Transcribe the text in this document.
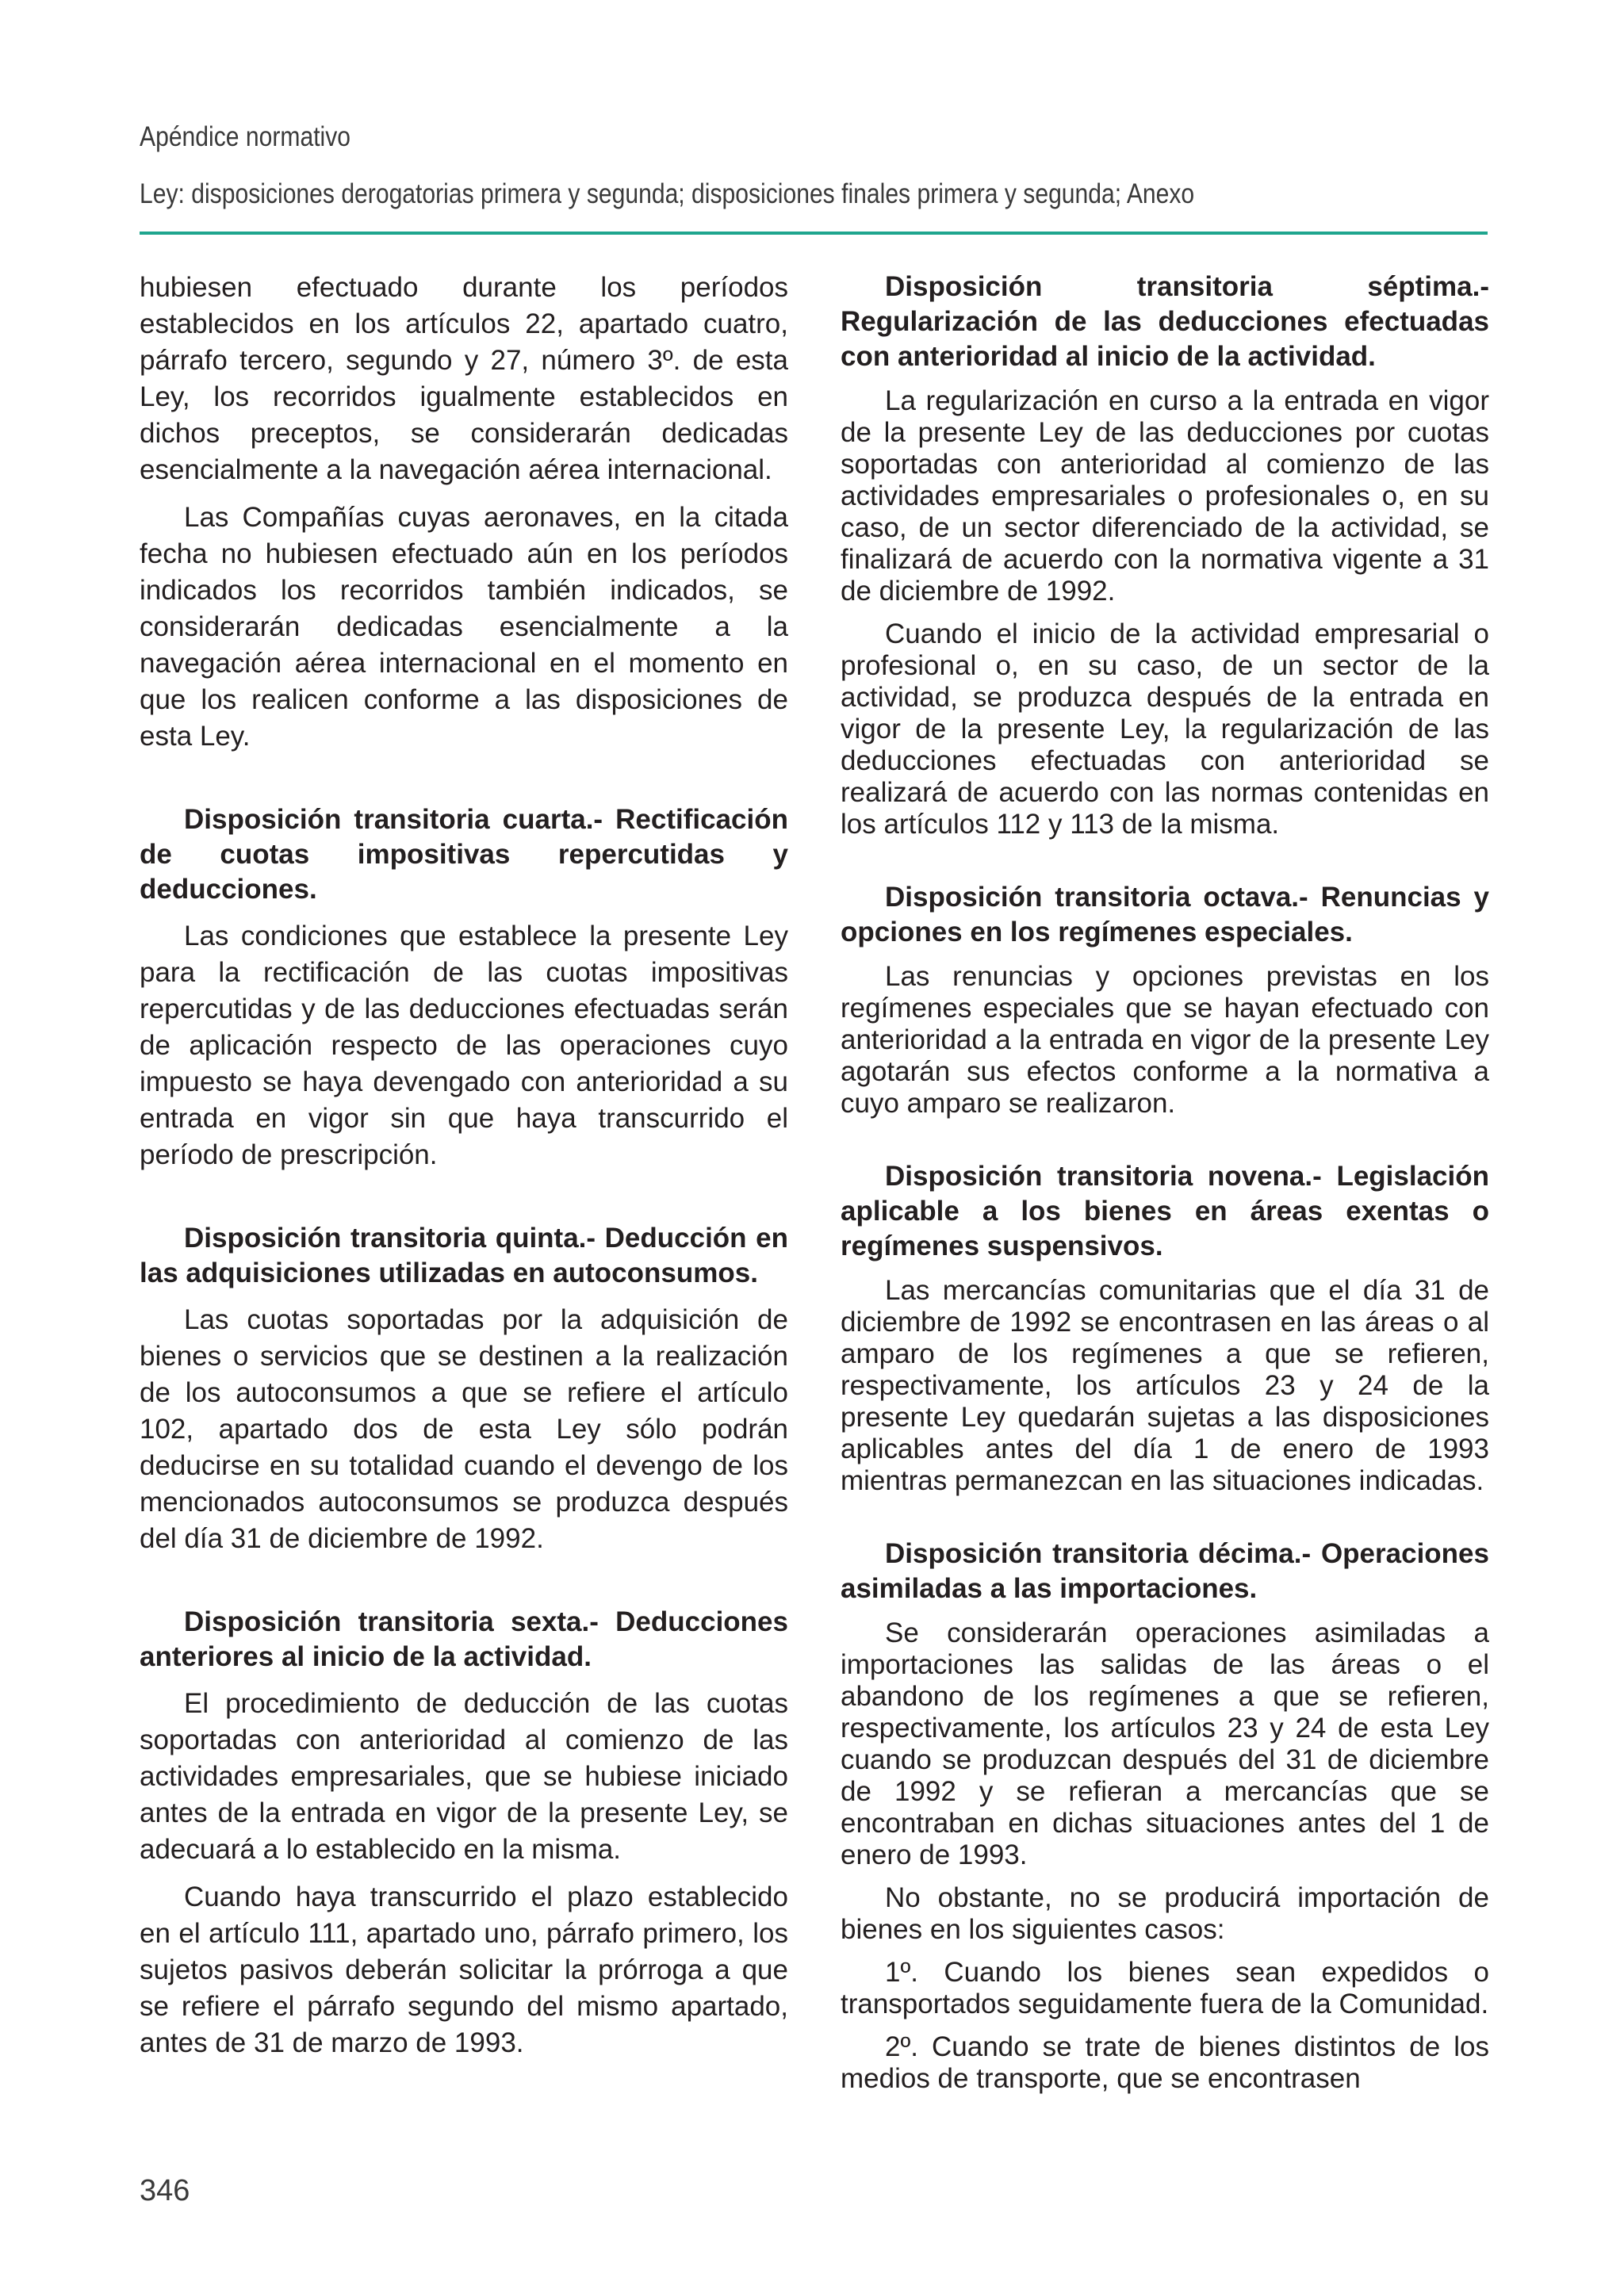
Apéndice normativo
Ley: disposiciones derogatorias primera y segunda; disposiciones finales primera y segunda; Anexo

hubiesen efectuado durante los períodos establecidos en los artículos 22, apartado cuatro, párrafo tercero, segundo y 27, número 3º. de esta Ley, los recorridos igualmente establecidos en dichos preceptos, se considerarán dedicadas esencialmente a la navegación aérea internacional.

Las Compañías cuyas aeronaves, en la citada fecha no hubiesen efectuado aún en los períodos indicados los recorridos también indicados, se considerarán dedicadas esencialmente a la navegación aérea internacional en el momento en que los realicen conforme a las disposiciones de esta Ley.

Disposición transitoria cuarta.- Rectificación de cuotas impositivas repercutidas y deducciones.

Las condiciones que establece la presente Ley para la rectificación de las cuotas impositivas repercutidas y de las deducciones efectuadas serán de aplicación respecto de las operaciones cuyo impuesto se haya devengado con anterioridad a su entrada en vigor sin que haya transcurrido el período de prescripción.

Disposición transitoria quinta.- Deducción en las adquisiciones utilizadas en autoconsumos.

Las cuotas soportadas por la adquisición de bienes o servicios que se destinen a la realización de los autoconsumos a que se refiere el artículo 102, apartado dos de esta Ley sólo podrán deducirse en su totalidad cuando el devengo de los mencionados autoconsumos se produzca después del día 31 de diciembre de 1992.

Disposición transitoria sexta.- Deducciones anteriores al inicio de la actividad.

El procedimiento de deducción de las cuotas soportadas con anterioridad al comienzo de las actividades empresariales, que se hubiese iniciado antes de la entrada en vigor de la presente Ley, se adecuará a lo establecido en la misma.

Cuando haya transcurrido el plazo establecido en el artículo 111, apartado uno, párrafo primero, los sujetos pasivos deberán solicitar la prórroga a que se refiere el párrafo segundo del mismo apartado, antes de 31 de marzo de 1993.

Disposición transitoria séptima.- Regularización de las deducciones efectuadas con anterioridad al inicio de la actividad.

La regularización en curso a la entrada en vigor de la presente Ley de las deducciones por cuotas soportadas con anterioridad al comienzo de las actividades empresariales o profesionales o, en su caso, de un sector diferenciado de la actividad, se finalizará de acuerdo con la normativa vigente a 31 de diciembre de 1992.

Cuando el inicio de la actividad empresarial o profesional o, en su caso, de un sector de la actividad, se produzca después de la entrada en vigor de la presente Ley, la regularización de las deducciones efectuadas con anterioridad se realizará de acuerdo con las normas contenidas en los artículos 112 y 113 de la misma.

Disposición transitoria octava.- Renuncias y opciones en los regímenes especiales.

Las renuncias y opciones previstas en los regímenes especiales que se hayan efectuado con anterioridad a la entrada en vigor de la presente Ley agotarán sus efectos conforme a la normativa a cuyo amparo se realizaron.

Disposición transitoria novena.- Legislación aplicable a los bienes en áreas exentas o regímenes suspensivos.

Las mercancías comunitarias que el día 31 de diciembre de 1992 se encontrasen en las áreas o al amparo de los regímenes a que se refieren, respectivamente, los artículos 23 y 24 de la presente Ley quedarán sujetas a las disposiciones aplicables antes del día 1 de enero de 1993 mientras permanezcan en las situaciones indicadas.

Disposición transitoria décima.- Operaciones asimiladas a las importaciones.

Se considerarán operaciones asimiladas a importaciones las salidas de las áreas o el abandono de los regímenes a que se refieren, respectivamente, los artículos 23 y 24 de esta Ley cuando se produzcan después del 31 de diciembre de 1992 y se refieran a mercancías que se encontraban en dichas situaciones antes del 1 de enero de 1993.

No obstante, no se producirá importación de bienes en los siguientes casos:

1º. Cuando los bienes sean expedidos o transportados seguidamente fuera de la Comunidad.

2º. Cuando se trate de bienes distintos de los medios de transporte, que se encontrasen

346
